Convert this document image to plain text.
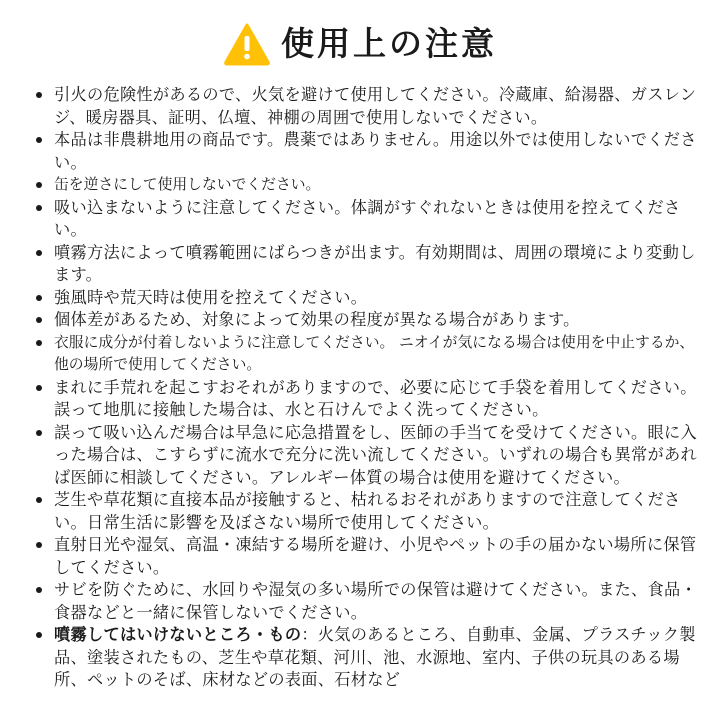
使用上の注意
引火の危険性があるので、火気を避けて使用してください。冷蔵庫、給湯器、ガスレンジ、暖房器具、証明、仏壇、神棚の周囲で使用しないでください。
本品は非農耕地用の商品です。農薬ではありません。用途以外では使用しないでください。
缶を逆さにして使用しないでください。
吸い込まないように注意してください。体調がすぐれないときは使用を控えてください。
噴霧方法によって噴霧範囲にばらつきが出ます。有効期間は、周囲の環境により変動します。
強風時や荒天時は使用を控えてください。
個体差があるため、対象によって効果の程度が異なる場合があります。
衣服に成分が付着しないように注意してください。 ニオイが気になる場合は使用を中止するか、他の場所で使用してください。
まれに手荒れを起こすおそれがありますので、必要に応じて手袋を着用してください。誤って地肌に接触した場合は、水と石けんでよく洗ってください。
誤って吸い込んだ場合は早急に応急措置をし、医師の手当てを受けてください。眼に入った場合は、こすらずに流水で充分に洗い流してください。いずれの場合も異常があれば医師に相談してください。アレルギー体質の場合は使用を避けてください。
芝生や草花類に直接本品が接触すると、枯れるおそれがありますので注意してください。日常生活に影響を及ぼさない場所で使用してください。
直射日光や湿気、高温・凍結する場所を避け、小児やペットの手の届かない場所に保管してください。
サビを防ぐために、水回りや湿気の多い場所での保管は避けてください。また、食品・食器などと一緒に保管しないでください。
噴霧してはいけないところ・もの：火気のあるところ、自動車、金属、プラスチック製品、塗装されたもの、芝生や草花類、河川、池、水源地、室内、子供の玩具のある場所、ペットのそば、床材などの表面、石材など
